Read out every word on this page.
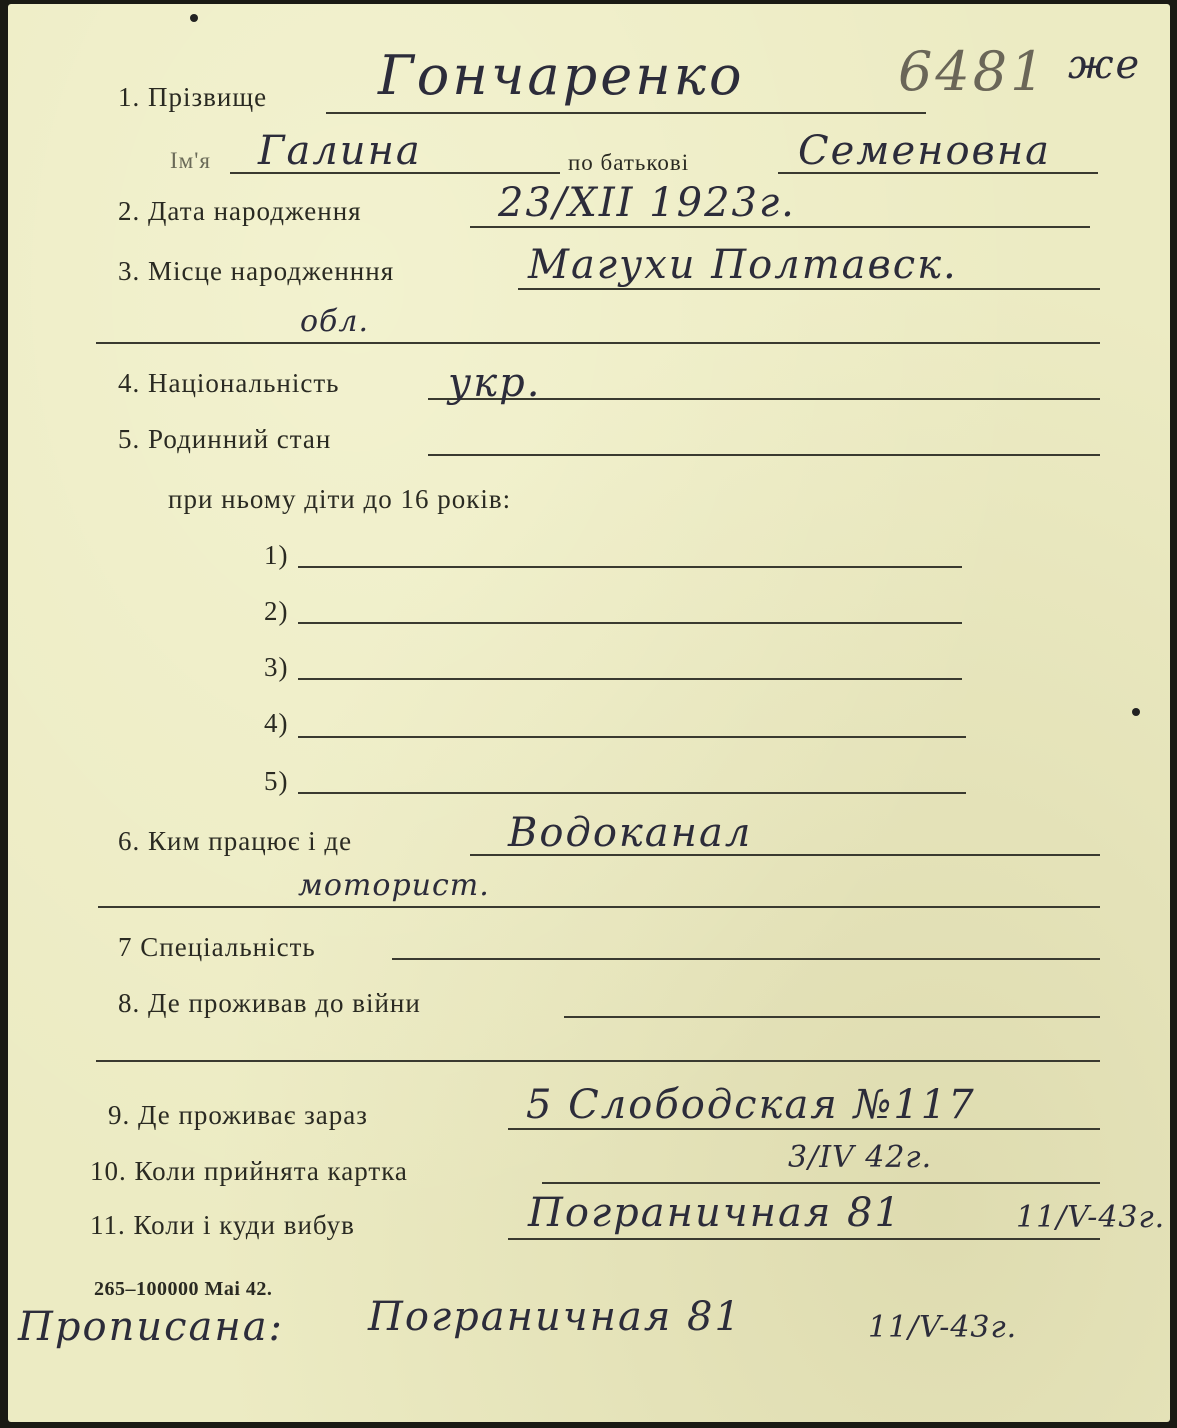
1. Прізвище Гончаренко	6481 же
Ім'я Галина	по батькові	Семеновна
2. Дата народження	23/XII 1923г.
3. Місце народженння	Магухи Полтавск.
обл.
4. Національність	укр.
5. Родинний стан
при ньому діти до 16 років:
1)
2)
3)
4)
5)
6. Ким працює і де	Водоканал
моторист.
7 Спеціальність
8. Де проживав до війни
9. Де проживає зараз	5 Слободская №117
10. Коли прийнята картка	3/IV 42г.
11. Коли і куди вибув	Пограничная 81	11/V-43г.
265–100000 Mai 42.
Прописана: Пограничная 81	11/V-43г.
